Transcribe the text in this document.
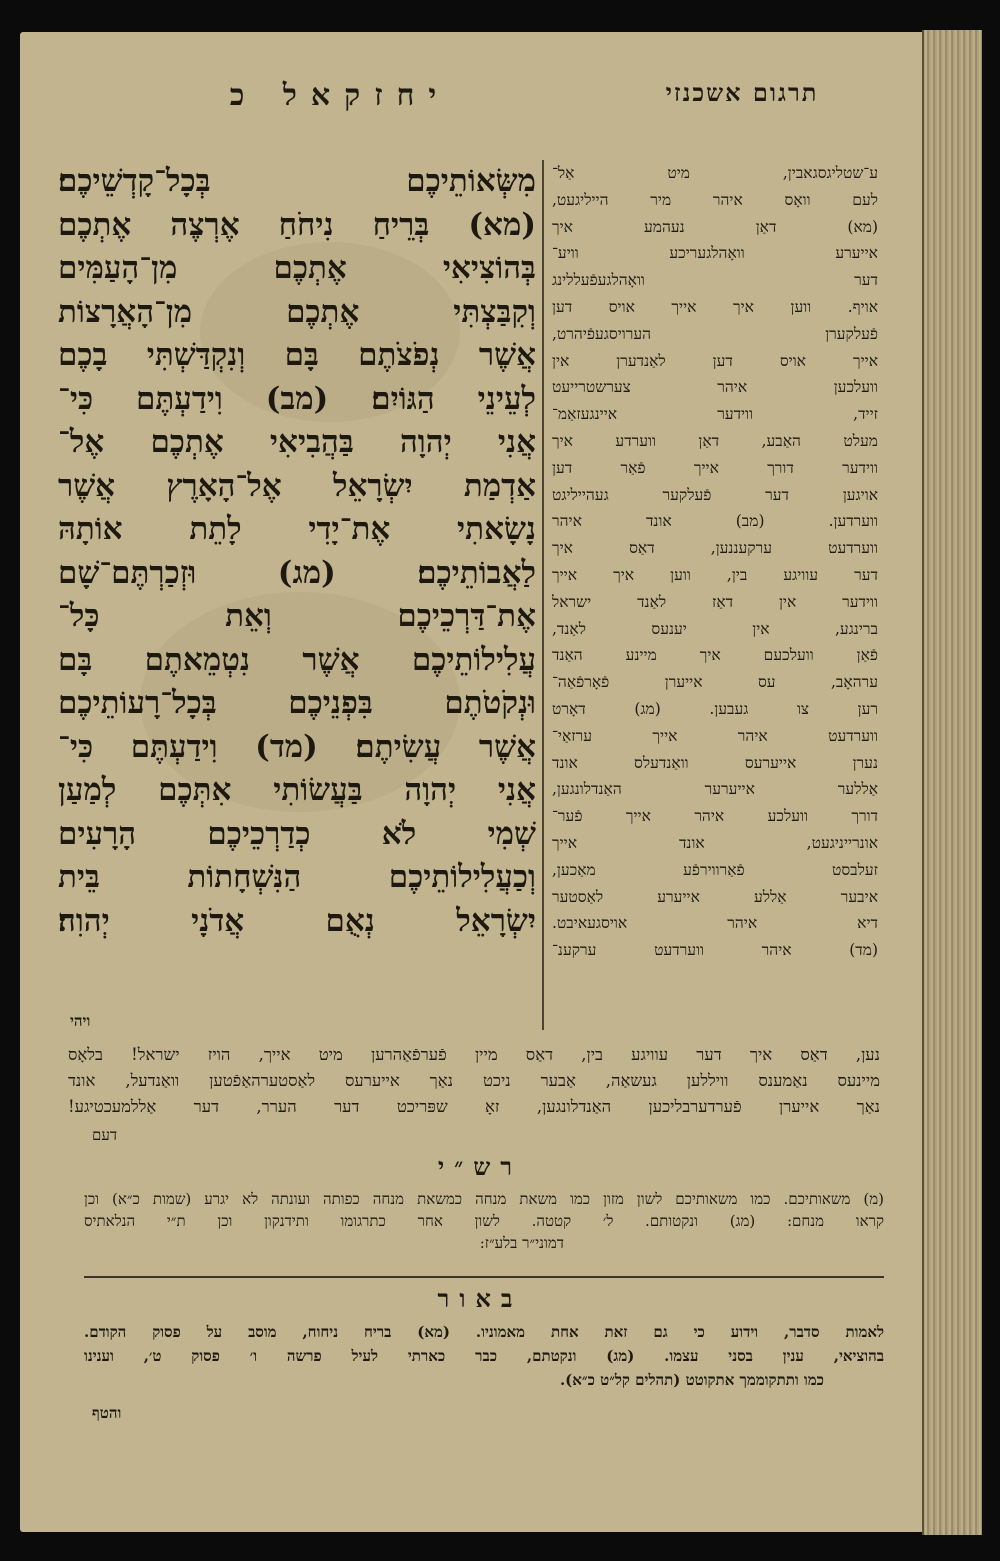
יחזקאל כ	תרגום אשכנזי
מִשְּׂאוֹתֵיכֶם בְּכָל־קָדְשֵׁיכֶם׃
(מא) בְּרֵיחַ נִיחֹחַ אֶרְצֶה אֶתְכֶם
בְּהוֹצִיאִי אֶתְכֶם מִן־הָעַמִּים
וְקִבַּצְתִּי אֶתְכֶם מִן־הָאֲרָצוֹת
אֲשֶׁר נְפֹצֹתֶם בָּם וְנִקְדַּשְׁתִּי בָכֶם
לְעֵינֵי הַגּוֹיִם׃ (מב) וִידַעְתֶּם כִּי־
אֲנִי יְהוָה בַּהֲבִיאִי אֶתְכֶם אֶל־
אַדְמַת יִשְׂרָאֵל אֶל־הָאָרֶץ אֲשֶׁר
נָשָׂאתִי אֶת־יָדִי לָתֵת אוֹתָהּ
לַאֲבוֹתֵיכֶם׃ (מג) וּזְכַרְתֶּם־שָׁם
אֶת־דַּרְכֵיכֶם וְאֵת כָּל־
עֲלִילוֹתֵיכֶם אֲשֶׁר נִטְמֵאתֶם בָּם
וּנְקֹטֹתֶם בִּפְנֵיכֶם בְּכָל־רָעוֹתֵיכֶם
אֲשֶׁר עֲשִׂיתֶם׃ (מד) וִידַעְתֶּם כִּי־
אֲנִי יְהוָה בַּעֲשׂוֹתִי אִתְּכֶם לְמַעַן
שְׁמִי לֹא כְדַרְכֵיכֶם הָרָעִים
וְכַעֲלִילוֹתֵיכֶם הַנִּשְׁחָתוֹת בֵּית
יִשְׂרָאֵל נְאֻם אֲדֹנָי יְהוִה׃
ע־שטליגסגאבין, מיט אַל־
לעם וואָס איהר מיר הייליגעט,
(מא) דאַן נעהמע איך
אייערע וואָהלגעריכע וויע־
דער וואָהלגעפֿעללינג
אויף. ווען איך אייך אויס דען
פֿעלקערן הערויסגעפֿיהרט,
אייך אויס דען לאַנדערן אין
וועלכען איהר צערשטרייעט
זייד, ווידער איינגעזאַמ־
מעלט האַבע, דאַן ווערדע איך
ווידער דורך אייך פֿאַר דען
אויגען דער פֿעלקער געהייליגט
ווערדען. (מב) אונד איהר
ווערדעט ערקעננען, דאַס איך
דער עוויגע בין, ווען איך אייך
ווידער אין דאַז לאַנד ישראל
ברינגע, אין יענעס לאַנד,
פֿאַן וועלכעם איך מיינע האַנד
ערהאָב, עס אייערן פֿאָרפֿאַה־
רען צו געבען. (מג) דאָרט
ווערדעט איהר אייך ערזאַי־
נערן אייערעס וואַנדעלס אונד
אַללער אייערער האַנדלונגען,
דורך וועלכע איהר אייך פֿער־
אונרייניגעט, אונד אייך
זעלבסט פֿאַרווירפֿע מאַכען,
איבער אַללע אייערע לאַסטער
דיא איהר אויסגעאיבט.
(מד) איהר ווערדעט ערקענ־
ויהי
נען, דאַס איך דער עוויגע בין, דאַס מיין פֿערפֿאַהרען מיט אייך, הויז ישראל! בלאָס
מיינעס נאַמענס וויללען געשאַה, אַבער ניכט נאַך אייערעס לאַסטערהאַפֿטען וואַנדעל, אונד
נאַך אייערן פֿערדערבליכען האַנדלונגען, זאָ שפּריכט דער הערר, דער אַללמעכטיגע!
דעם
רש״י
(מ) משאותיכם. כמו משאותיכם לשון מזון כמו משאת מנחה כמשאת מנחה כפותה ועונתה לא יגרע (שמות כ״א) וכן
קראו מנחם: (מג) ונקטותם. ל׳ קטטה. לשון אחר כתרגומו ותידנקון וכן ת״י הנלאתיס
דמוני״ר בלע״ז:
באור
לאמות סדבר, וידוע כי גם זאת אחת מאמוניו. (מא) בריח ניחוח, מוסב על פסוק הקודם.
בהוציאי, ענין בסני עצמו. (מג) ונקטתם, כבר כארתי לעיל פרשה ו׳ פסוק ט׳, וענינו
כמו ותתקוממך אתקוטט (תהלים קל״ט כ״א).
והטף
